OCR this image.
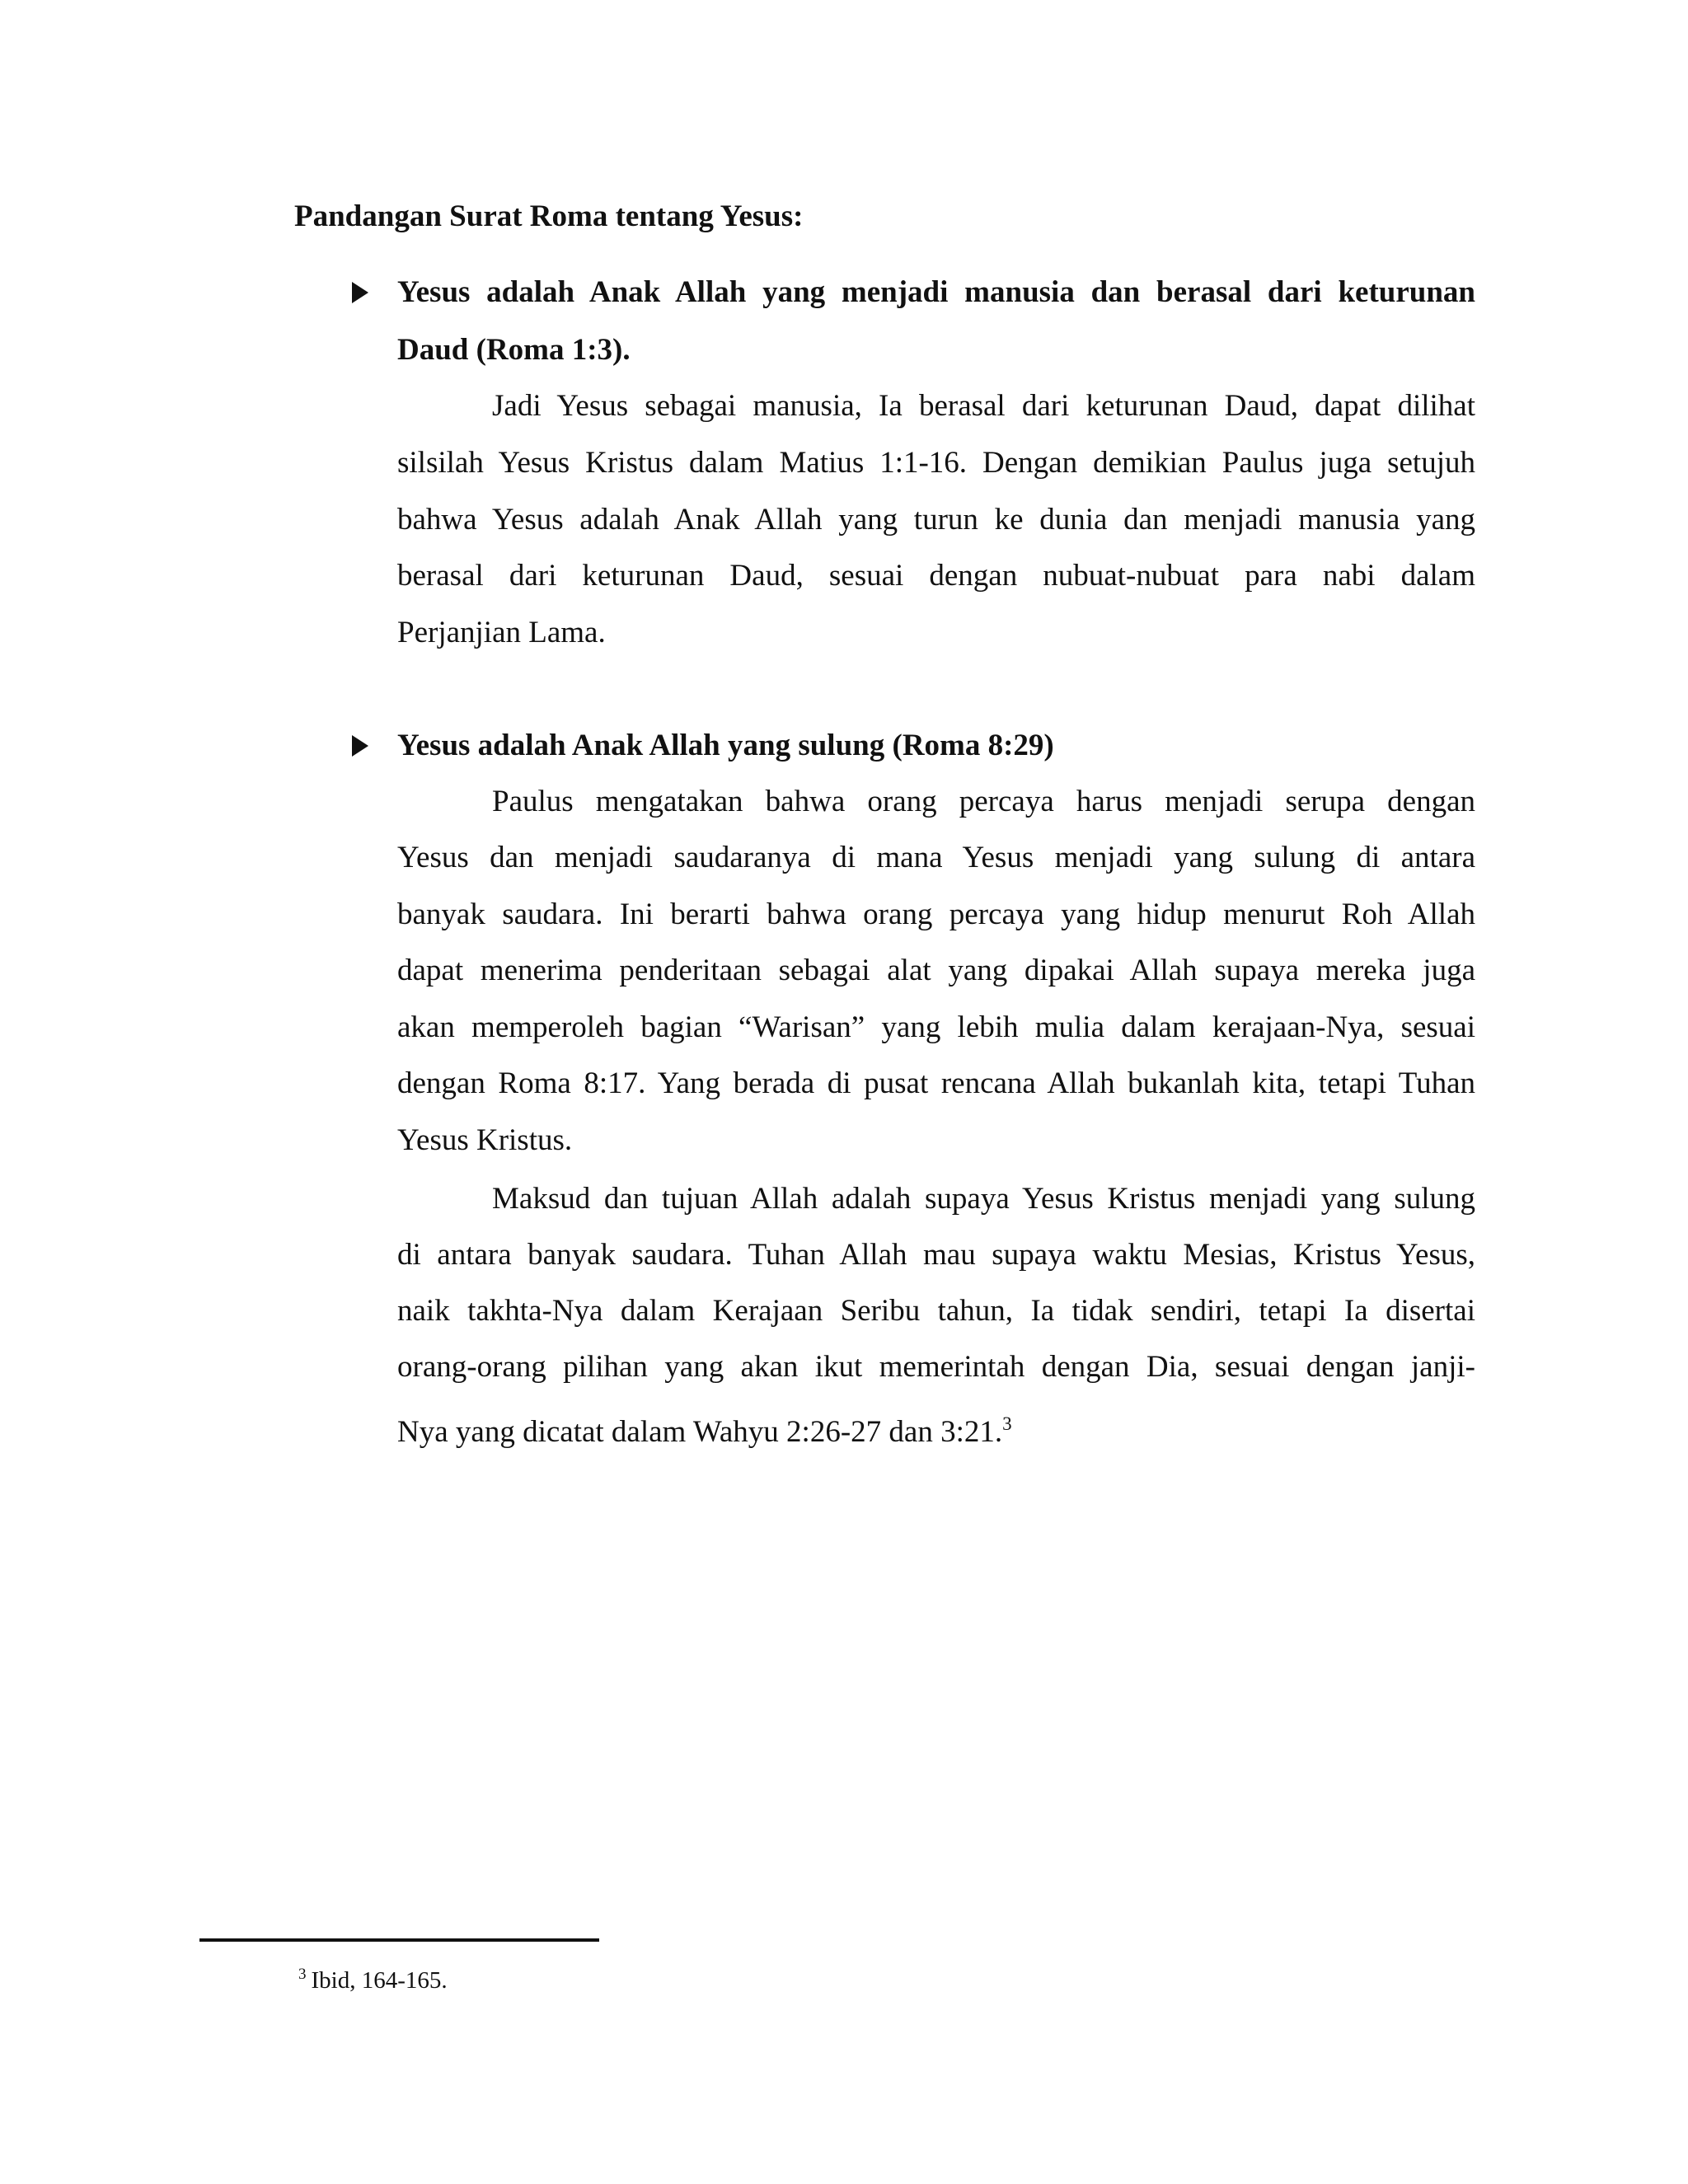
Pandangan Surat Roma tentang Yesus:
Yesus adalah Anak Allah yang menjadi manusia dan berasal dari keturunan
Daud (Roma 1:3).
Jadi Yesus sebagai manusia, Ia berasal dari keturunan Daud, dapat dilihat
silsilah Yesus Kristus dalam Matius 1:1-16. Dengan demikian Paulus juga setujuh
bahwa Yesus adalah Anak Allah yang turun ke dunia dan menjadi manusia yang
berasal dari keturunan Daud, sesuai dengan nubuat-nubuat para nabi dalam
Perjanjian Lama.
Yesus adalah Anak Allah yang sulung (Roma 8:29)
Paulus mengatakan bahwa orang percaya harus menjadi serupa dengan
Yesus dan menjadi saudaranya di mana Yesus menjadi yang sulung di antara
banyak saudara. Ini berarti bahwa orang percaya yang hidup menurut Roh Allah
dapat menerima penderitaan sebagai alat yang dipakai Allah supaya mereka juga
akan memperoleh bagian “Warisan” yang lebih mulia dalam kerajaan-Nya, sesuai
dengan Roma 8:17. Yang berada di pusat rencana Allah bukanlah kita, tetapi Tuhan
Yesus Kristus.
Maksud dan tujuan Allah adalah supaya Yesus Kristus menjadi yang sulung
di antara banyak saudara. Tuhan Allah mau supaya waktu Mesias, Kristus Yesus,
naik takhta-Nya dalam Kerajaan Seribu tahun, Ia tidak sendiri, tetapi Ia disertai
orang-orang pilihan yang akan ikut memerintah dengan Dia, sesuai dengan janji-
Nya yang dicatat dalam Wahyu 2:26-27 dan 3:21.$^3$
$^3$ Ibid, 164-165.
